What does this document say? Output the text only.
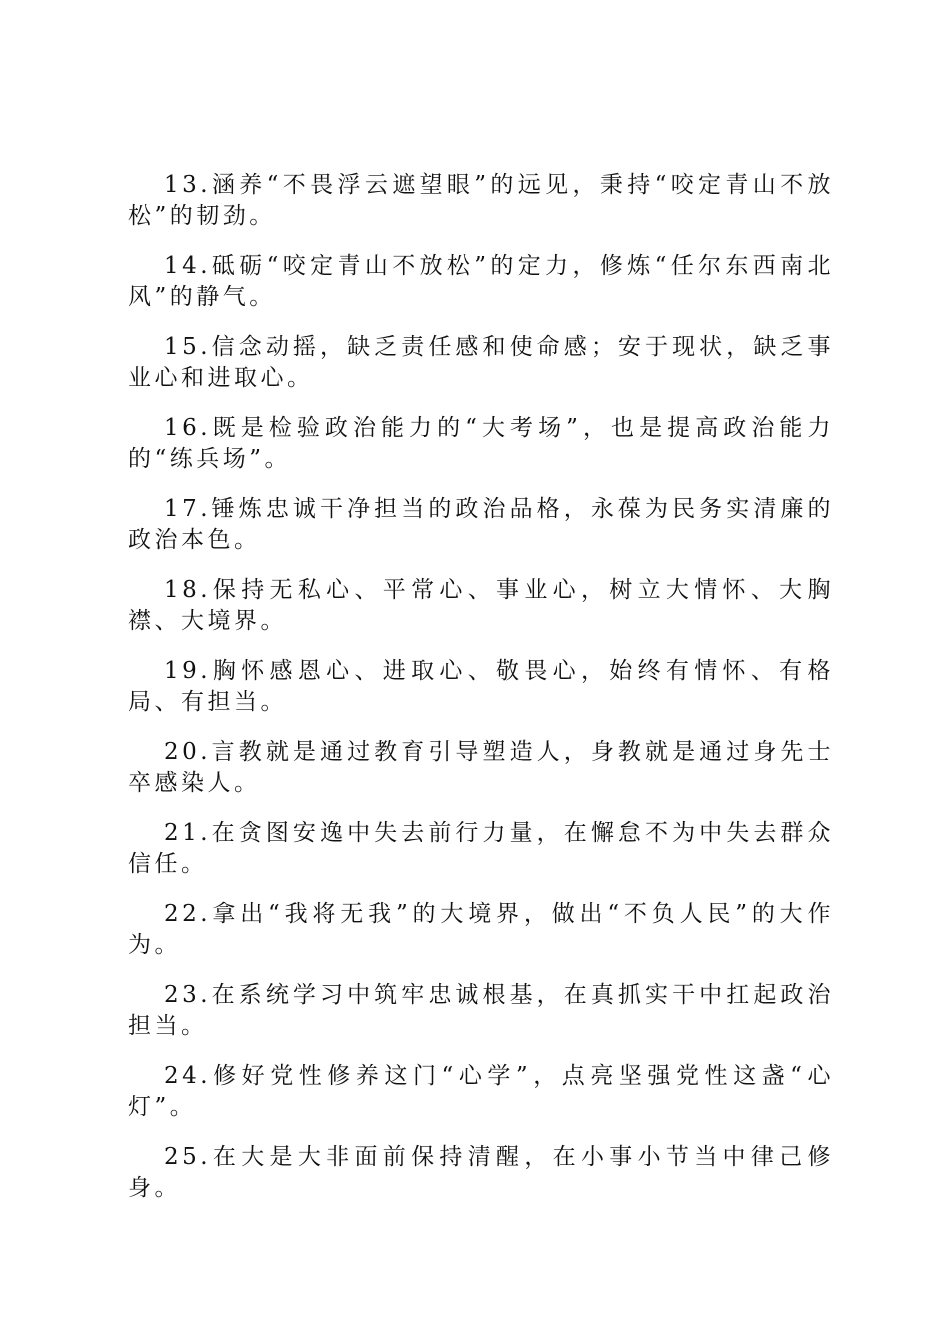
13.涵养“不畏浮云遮望眼”的远见，秉持“咬定青山不放松”的韧劲。

14.砥砺“咬定青山不放松”的定力，修炼“任尔东西南北风”的静气。

15.信念动摇，缺乏责任感和使命感；安于现状，缺乏事业心和进取心。

16.既是检验政治能力的“大考场”，也是提高政治能力的“练兵场”。

17.锤炼忠诚干净担当的政治品格，永葆为民务实清廉的政治本色。

18.保持无私心、平常心、事业心，树立大情怀、大胸襟、大境界。

19.胸怀感恩心、进取心、敬畏心，始终有情怀、有格局、有担当。

20.言教就是通过教育引导塑造人，身教就是通过身先士卒感染人。

21.在贪图安逸中失去前行力量，在懈怠不为中失去群众信任。

22.拿出“我将无我”的大境界，做出“不负人民”的大作为。

23.在系统学习中筑牢忠诚根基，在真抓实干中扛起政治担当。

24.修好党性修养这门“心学”，点亮坚强党性这盏“心灯”。

25.在大是大非面前保持清醒，在小事小节当中律己修身。
